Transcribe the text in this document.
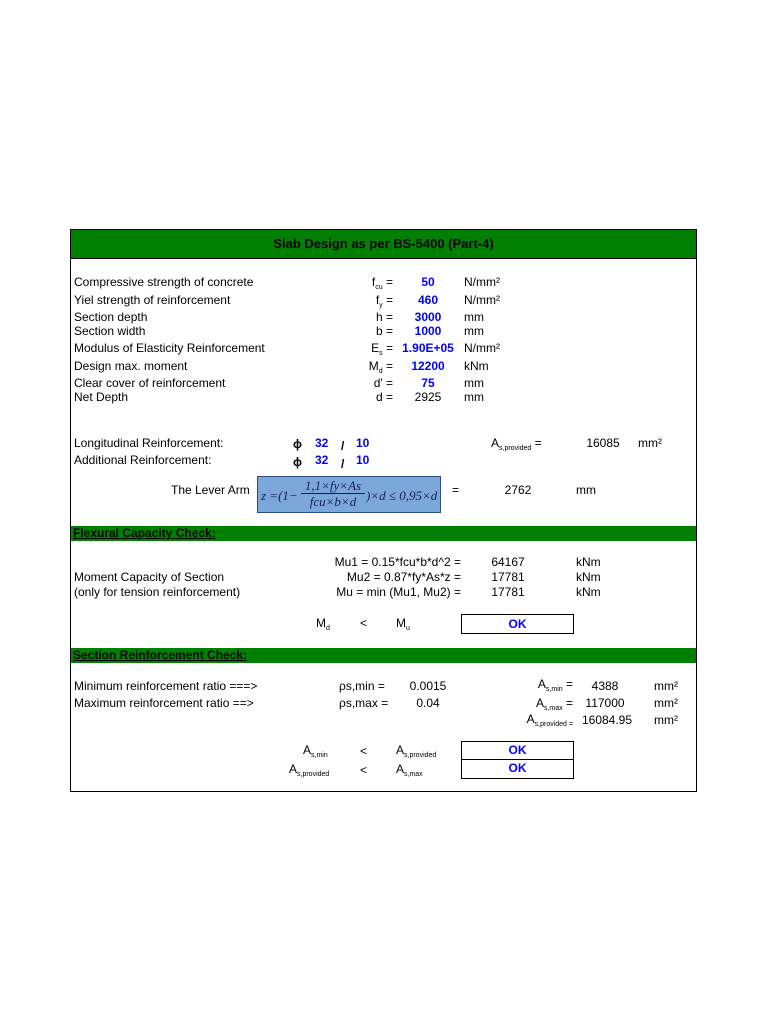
Slab Design as per BS-5400 (Part-4)
Compressive strength of concrete	$f_{cu}$ =	50	N/mm²
Yiel strength of reinforcement	$f_y$ =	460	N/mm²
Section depth	h =	3000	mm
Section width	b =	1000	mm
Modulus of Elasticity Reinforcement	$E_s = 1.90E+05$ N/mm²
Design max. moment	$M_d$ =	12200	kNm
Clear cover of reinforcement	d' =	75	mm
Net Depth	d =	2925	mm
Longitudinal Reinforcement:	ϕ 32 / 10
Additional Reinforcement:	ϕ 32 / 10
$A_{s,provided}$ =	16085	mm²
The Lever Arm z =(1−
1,1×fy×As
fcu×b×d )×d ≤ 0,95×d =	2762	mm
Flexural Capacity Check:
Mu1 = 0.15*fcu*b*d^2 =	64167	kNm
Moment Capacity of Section	Mu2 = 0.87*fy*As*z =	17781	kNm
(only for tension reinforcement)	Mu = min (Mu1, Mu2) =	17781	kNm
$M_d$	< $M_u$	OK
Section Reinforcement Check:
Minimum reinforcement ratio ===>	ρs,min =	0.0015	$A_{s,min}$ =	4388	mm²
Maximum reinforcement ratio ==>	ρs,max =	0.04	$A_{s,max}$ =	117000	mm²
$A_{s,provided =}$ 16084.95	mm²
$A_{s,min}$	< $A_{s,provided}$	OK
$A_{s,provided}$	< $A_{s,max}$	OK
